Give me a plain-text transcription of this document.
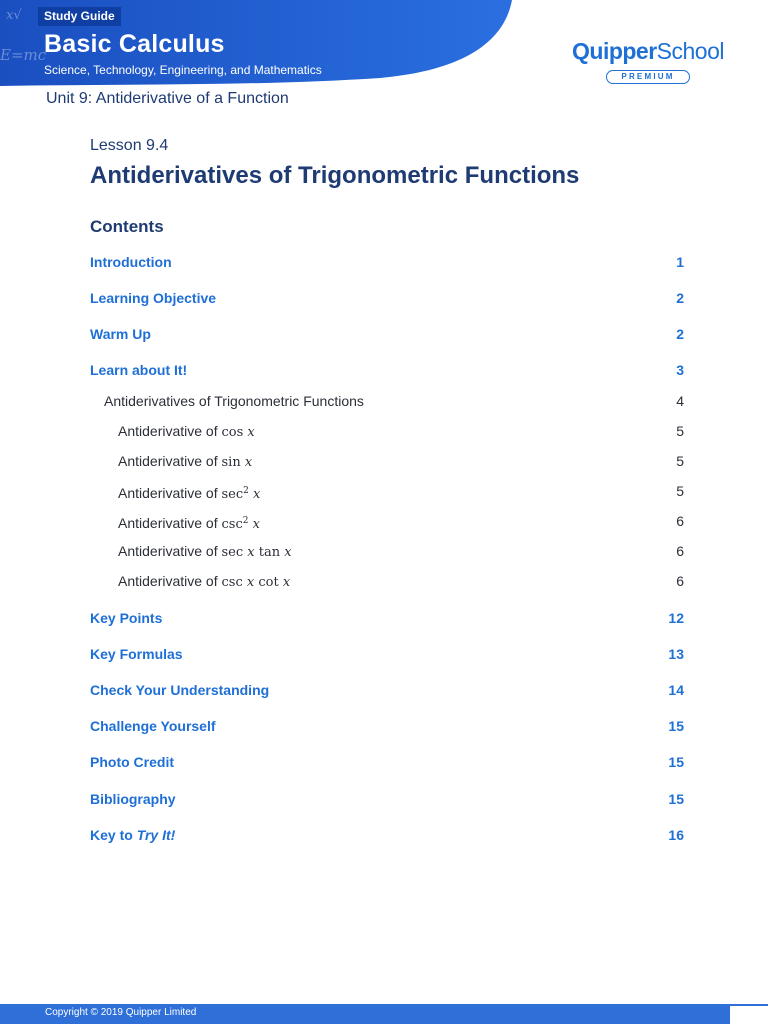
x√
E=mc
Study Guide
Basic Calculus
Science, Technology, Engineering, and Mathematics
QuipperSchool
PREMIUM
Unit 9: Antiderivative of a Function
Lesson 9.4
Antiderivatives of Trigonometric Functions
Contents
Introduction	1
Learning Objective	2
Warm Up	2
Learn about It!	3
Antiderivatives of Trigonometric Functions	4
Antiderivative of cos x	5
Antiderivative of sin x	5
Antiderivative of $\sec^2 x$	5
Antiderivative of $\csc^2 x$	6
Antiderivative of sec x tan x	6
Antiderivative of csc x cot x	6
Key Points	12
Key Formulas	13
Check Your Understanding	14
Challenge Yourself	15
Photo Credit	15
Bibliography	15
Key to Try It!	16
Copyright © 2019 Quipper Limited
